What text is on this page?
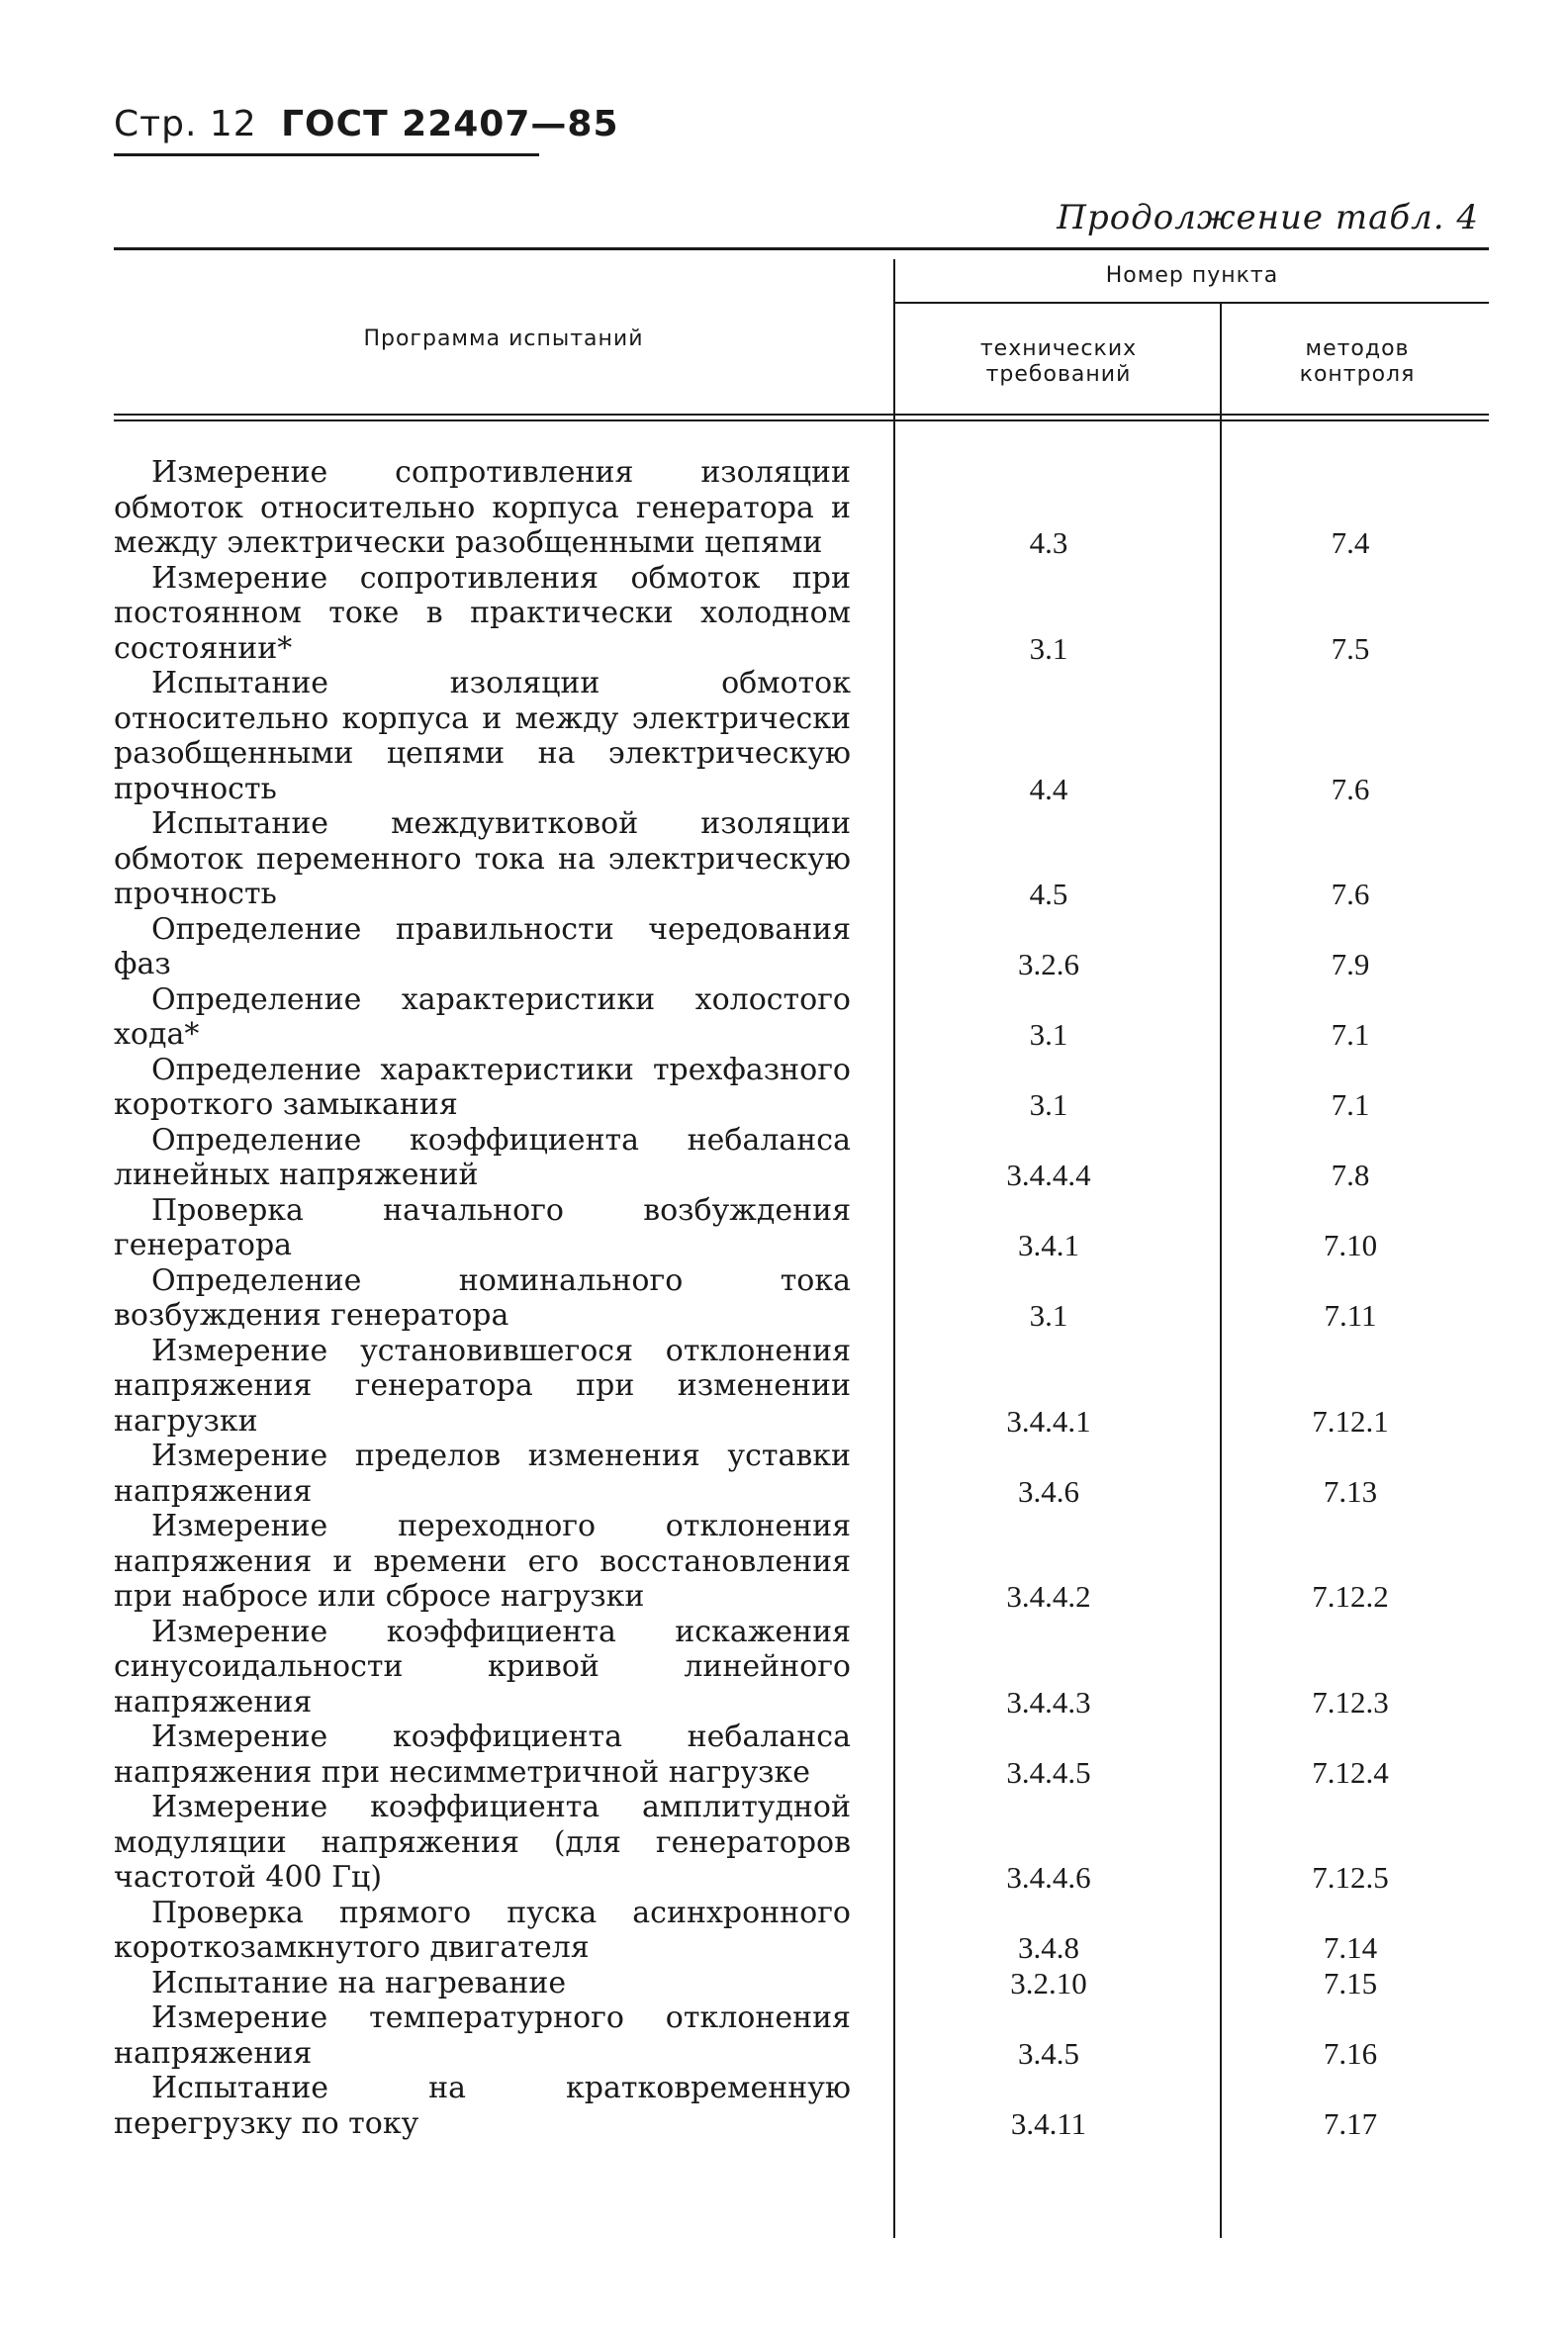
Стр. 12 ГОСТ 22407—85
Продолжение табл. 4
Программа испытаний
Номер пункта
технических требований
методов контроля

Измерение сопротивления изоляции обмоток относительно корпуса генератора и между электрически разобщенными цепями	4.3	7.4

Измерение сопротивления обмоток при постоянном токе в практически холодном состоянии*	3.1	7.5

Испытание изоляции обмоток относительно корпуса и между электрически разобщенными цепями на электрическую прочность	4.4	7.6

Испытание междувитковой изоляции обмоток переменного тока на электрическую прочность	4.5	7.6

Определение правильности чередования фаз	3.2.6	7.9

Определение характеристики холостого хода*	3.1	7.1

Определение характеристики трехфазного короткого замыкания	3.1	7.1

Определение коэффициента небаланса линейных напряжений	3.4.4.4	7.8

Проверка начального возбуждения генератора	3.4.1	7.10

Определение номинального тока возбуждения генератора	3.1	7.11

Измерение установившегося отклонения напряжения генератора при изменении нагрузки	3.4.4.1	7.12.1

Измерение пределов изменения уставки напряжения	3.4.6	7.13

Измерение переходного отклонения напряжения и времени его восстановления при набросе или сбросе нагрузки	3.4.4.2	7.12.2

Измерение коэффициента искажения синусоидальности кривой линейного напряжения	3.4.4.3	7.12.3

Измерение коэффициента небаланса напряжения при несимметричной нагрузке	3.4.4.5	7.12.4

Измерение коэффициента амплитудной модуляции напряжения (для генераторов частотой 400 Гц)	3.4.4.6	7.12.5

Проверка прямого пуска асинхронного короткозамкнутого двигателя	3.4.8	7.14

Испытание на нагревание	3.2.10	7.15

Измерение температурного отклонения напряжения	3.4.5	7.16

Испытание на кратковременную перегрузку по току	3.4.11	7.17
